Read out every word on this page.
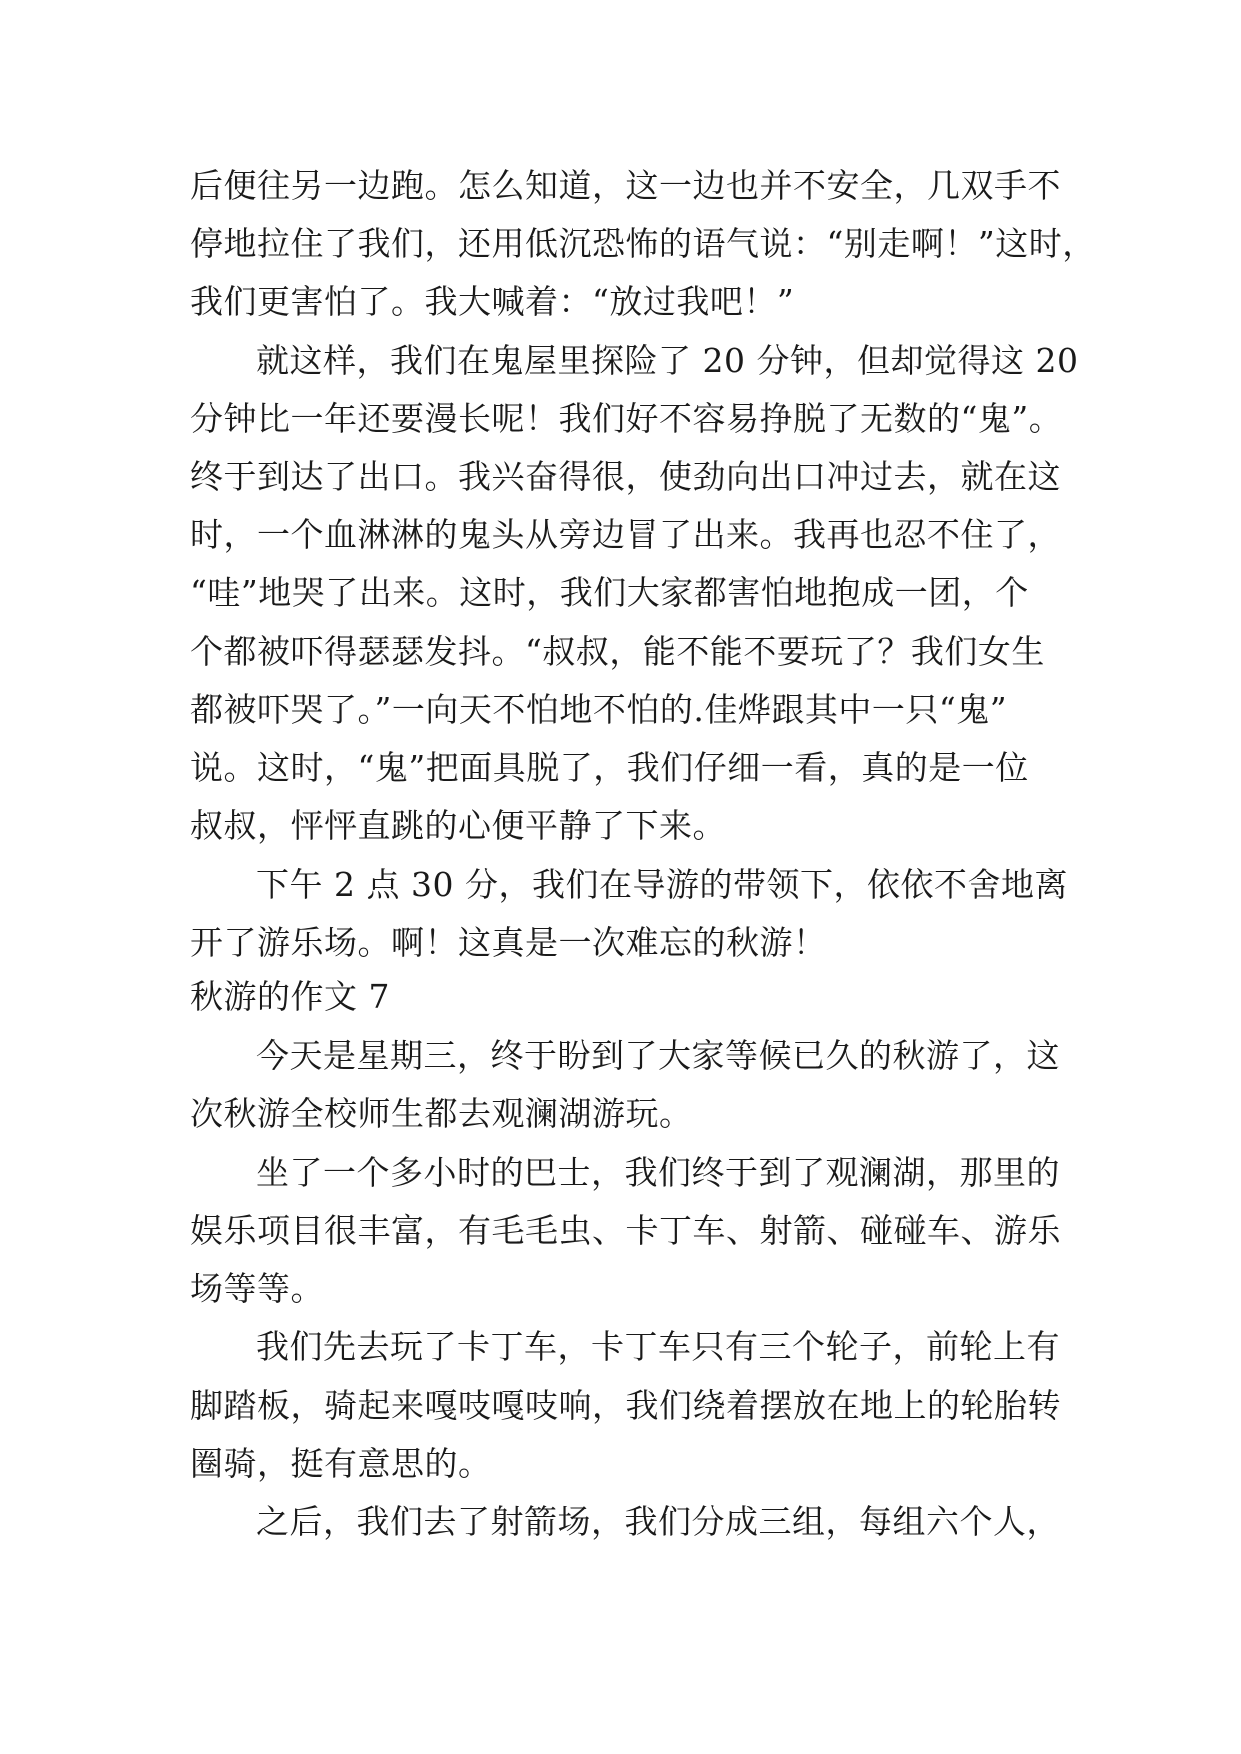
后便往另一边跑。怎么知道，这一边也并不安全，几双手不
停地拉住了我们，还用低沉恐怖的语气说：“别走啊！”这时，
我们更害怕了。我大喊着：“放过我吧！”
就这样，我们在鬼屋里探险了 20 分钟，但却觉得这 20
分钟比一年还要漫长呢！我们好不容易挣脱了无数的“鬼”。
终于到达了出口。我兴奋得很，使劲向出口冲过去，就在这
时，一个血淋淋的鬼头从旁边冒了出来。我再也忍不住了，
“哇”地哭了出来。这时，我们大家都害怕地抱成一团，个
个都被吓得瑟瑟发抖。“叔叔，能不能不要玩了？我们女生
都被吓哭了。”一向天不怕地不怕的.佳烨跟其中一只“鬼”
说。这时，“鬼”把面具脱了，我们仔细一看，真的是一位
叔叔，怦怦直跳的心便平静了下来。
下午 2 点 30 分，我们在导游的带领下，依依不舍地离
开了游乐场。啊！这真是一次难忘的秋游！
秋游的作文 7
今天是星期三，终于盼到了大家等候已久的秋游了，这
次秋游全校师生都去观澜湖游玩。
坐了一个多小时的巴士，我们终于到了观澜湖，那里的
娱乐项目很丰富，有毛毛虫、卡丁车、射箭、碰碰车、游乐
场等等。
我们先去玩了卡丁车，卡丁车只有三个轮子，前轮上有
脚踏板，骑起来嘎吱嘎吱响，我们绕着摆放在地上的轮胎转
圈骑，挺有意思的。
之后，我们去了射箭场，我们分成三组，每组六个人，
